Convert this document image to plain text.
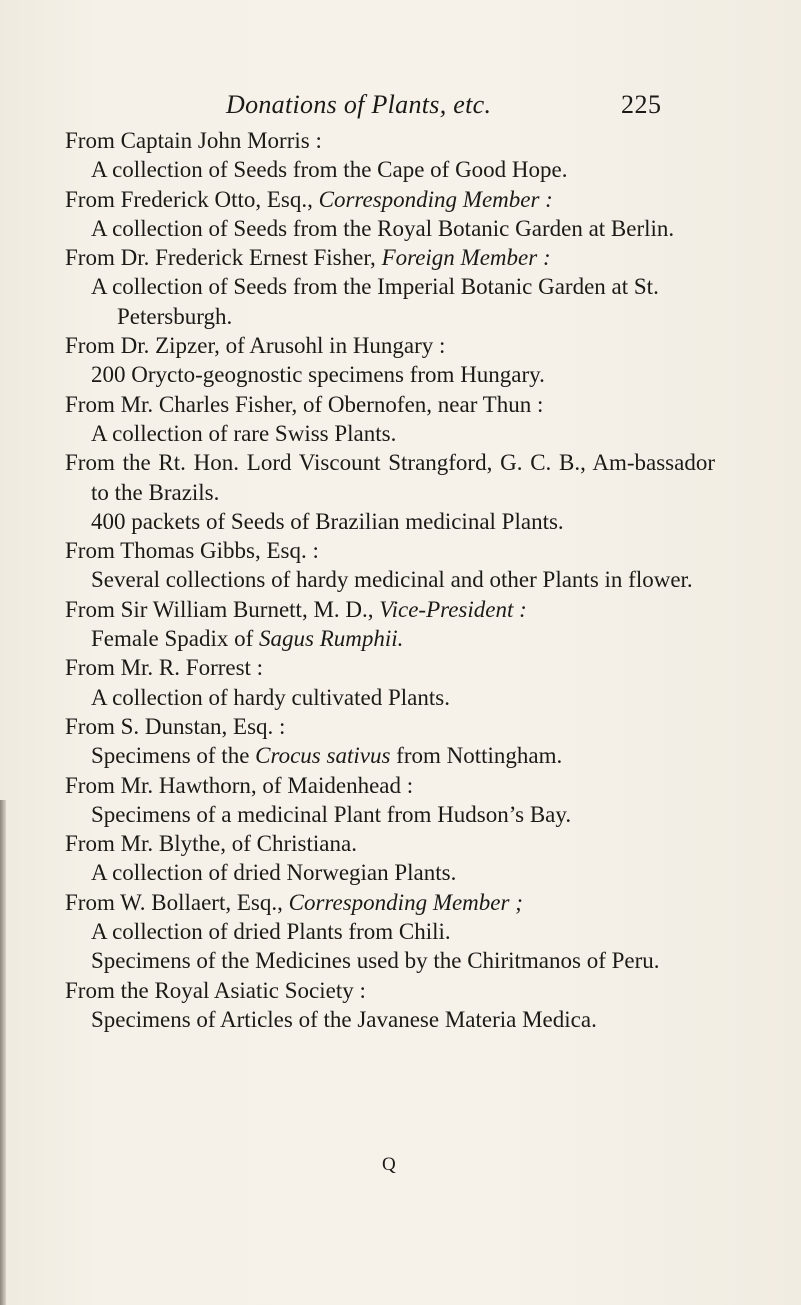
Donations of Plants, etc.	225
From Captain John Morris :
A collection of Seeds from the Cape of Good Hope.
From Frederick Otto, Esq., Corresponding Member :
A collection of Seeds from the Royal Botanic Garden at Berlin.
From Dr. Frederick Ernest Fisher, Foreign Member :
A collection of Seeds from the Imperial Botanic Garden at St. Petersburgh.
From Dr. Zipzer, of Arusohl in Hungary :
200 Orycto-geognostic specimens from Hungary.
From Mr. Charles Fisher, of Obernofen, near Thun :
A collection of rare Swiss Plants.
From the Rt. Hon. Lord Viscount Strangford, G. C. B., Am-bassador to the Brazils.
400 packets of Seeds of Brazilian medicinal Plants.
From Thomas Gibbs, Esq. :
Several collections of hardy medicinal and other Plants in flower.
From Sir William Burnett, M. D., Vice-President :
Female Spadix of Sagus Rumphii.
From Mr. R. Forrest :
A collection of hardy cultivated Plants.
From S. Dunstan, Esq. :
Specimens of the Crocus sativus from Nottingham.
From Mr. Hawthorn, of Maidenhead :
Specimens of a medicinal Plant from Hudson’s Bay.
From Mr. Blythe, of Christiana.
A collection of dried Norwegian Plants.
From W. Bollaert, Esq., Corresponding Member ;
A collection of dried Plants from Chili.
Specimens of the Medicines used by the Chiritmanos of Peru.
From the Royal Asiatic Society :
Specimens of Articles of the Javanese Materia Medica.
Q
